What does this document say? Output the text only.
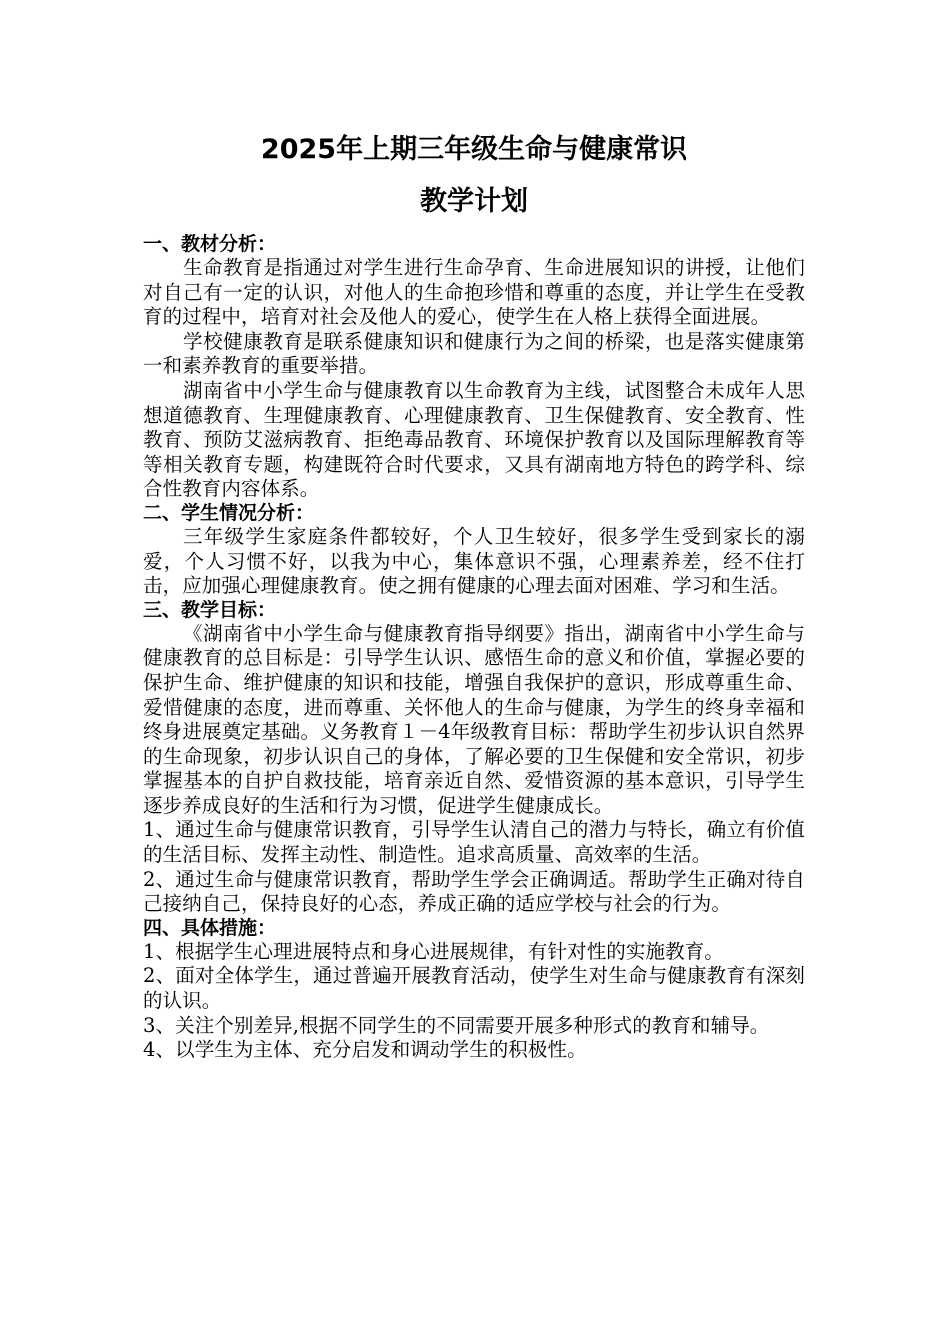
2025年上期三年级生命与健康常识
教学计划

一、教材分析：

生命教育是指通过对学生进行生命孕育、生命进展知识的讲授，让他们对自己有一定的认识，对他人的生命抱珍惜和尊重的态度，并让学生在受教育的过程中，培育对社会及他人的爱心，使学生在人格上获得全面进展。

学校健康教育是联系健康知识和健康行为之间的桥梁，也是落实健康第一和素养教育的重要举措。

湖南省中小学生命与健康教育以生命教育为主线，试图整合未成年人思想道德教育、生理健康教育、心理健康教育、卫生保健教育、安全教育、性教育、预防艾滋病教育、拒绝毒品教育、环境保护教育以及国际理解教育等等相关教育专题，构建既符合时代要求，又具有湖南地方特色的跨学科、综合性教育内容体系。

二、学生情况分析：

三年级学生家庭条件都较好，个人卫生较好，很多学生受到家长的溺爱，个人习惯不好，以我为中心，集体意识不强，心理素养差，经不住打击，应加强心理健康教育。使之拥有健康的心理去面对困难、学习和生活。

三、教学目标：

《湖南省中小学生命与健康教育指导纲要》指出，湖南省中小学生命与健康教育的总目标是：引导学生认识、感悟生命的意义和价值，掌握必要的保护生命、维护健康的知识和技能，增强自我保护的意识，形成尊重生命、爱惜健康的态度，进而尊重、关怀他人的生命与健康，为学生的终身幸福和终身进展奠定基础。义务教育１－4年级教育目标：帮助学生初步认识自然界的生命现象，初步认识自己的身体，了解必要的卫生保健和安全常识，初步掌握基本的自护自救技能，培育亲近自然、爱惜资源的基本意识，引导学生逐步养成良好的生活和行为习惯，促进学生健康成长。

1、通过生命与健康常识教育，引导学生认清自己的潜力与特长，确立有价值的生活目标、发挥主动性、制造性。追求高质量、高效率的生活。

2、通过生命与健康常识教育，帮助学生学会正确调适。帮助学生正确对待自己接纳自己，保持良好的心态，养成正确的适应学校与社会的行为。

四、具体措施：

1、根据学生心理进展特点和身心进展规律，有针对性的实施教育。

2、面对全体学生，通过普遍开展教育活动，使学生对生命与健康教育有深刻的认识。

3、关注个别差异,根据不同学生的不同需要开展多种形式的教育和辅导。

4、以学生为主体、充分启发和调动学生的积极性。
